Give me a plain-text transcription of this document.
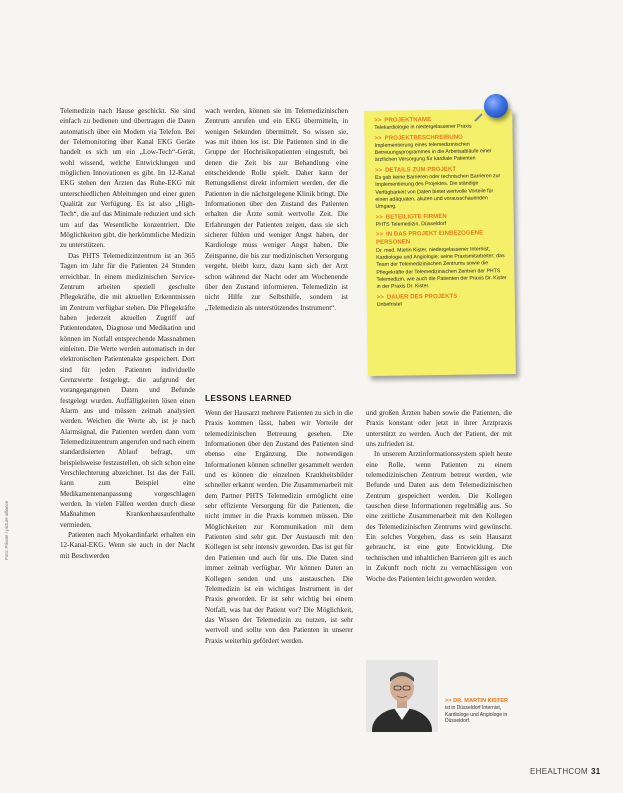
Foto: Private / picture alliance

Telemedizin nach Hause geschickt. Sie sind einfach zu bedienen und übertragen die Daten automatisch über ein Modem via Telefon. Bei der Telemonitoring über Kanal EKG Geräte handelt es sich um ein „Low-Tech“-Gerät, wohl wissend, welche Entwicklungen und möglichen Innovationen es gibt. Im 12-Kanal EKG stehen den Ärzten das Ruhe-EKG mit unterschiedlichen Ableitungen und einer guten Qualität zur Verfügung. Es ist also „High-Tech“, die auf das Minimale reduziert und sich um auf das Wesentliche konzentriert. Die Möglichkeiten gibt, die herkömmliche Medizin zu unterstützen.

Das PHTS Telemedizinzentrum ist an 365 Tagen im Jahr für die Patienten 24 Stunden erreichbar. In einem medizinischen Service-Zentrum arbeiten speziell geschulte Pflegekräfte, die mit aktuellen Erkenntnissen im Zentrum verfügbar stehen. Die Pflegekräfte haben jederzeit aktuellen Zugriff auf Patientendaten, Diagnose und Medikation und können im Notfall entsprechende Massnahmen einleiten. Die Werte werden automatisch in der elektronischen Patientenakte gespeichert. Dort sind für jeden Patienten individuelle Grenzwerte festgelegt, die aufgrund der vorangegangenen Daten und Befunde festgelegt wurden. Auffälligkeiten lösen einen Alarm aus und müssen zeitnah analysiert werden. Weichen die Werte ab, ist je nach Alarmsignal, die Patienten werden dann vom Telemedizinzentrum angerufen und nach einem standardisierten Ablauf befragt, um beispielsweise festzustellen, ob sich schon eine Verschlechterung abzeichnet. Ist das der Fall, kann zum Beispiel eine Medikamentenanpassung vorgeschlagen werden. In vielen Fällen werden durch diese Maßnahmen Krankenhausaufenthalte vermieden.

Patienten nach Myokardinfarkt erhalten ein 12-Kanal-EKG. Wenn sie auch in der Nacht mit Beschwerden

wach werden, können sie im Telemedizinischen Zentrum anrufen und ein EKG übermitteln, in wenigen Sekunden übermittelt. So wissen sie, was mit ihnen los ist. Die Patienten sind in die Gruppe der Hochrisikopatienten eingestuft, bei denen die Zeit bis zur Behandlung eine entscheidende Rolle spielt. Daher kann der Rettungsdienst direkt informiert werden, der die Patienten in die nächstgelegene Klinik bringt. Die Informationen über den Zustand des Patienten erhalten die Ärzte somit wertvolle Zeit. Die Erfahrungen der Patienten zeigen, dass sie sich sicherer fühlen und weniger Angst haben, der Kardiologe muss weniger Angst haben. Die Zeitspanne, die bis zur medizinischen Versorgung vergeht, bleibt kurz, dazu kann sich der Arzt schon während der Nacht oder am Wochenende über den Zustand informieren. Telemedizin ist nicht Hilfe zur Selbsthilfe, sondern ist „Telemedizin als unterstützendes Instrument“.

LESSONS LEARNED

Wenn der Hausarzt mehrere Patienten zu sich in die Praxis kommen lässt, haben wir Vorteile der telemedizinischen Betreuung gesehen. Die Informationen über den Zustand des Patienten sind ebenso eine Ergänzung. Die notwendigen Informationen können schneller gesammelt werden und es können die einzelnen Krankheitsbilder schneller erkannt werden. Die Zusammenarbeit mit dem Partner PHTS Telemedizin ermöglicht eine sehr effiziente Versorgung für die Patienten, die nicht immer in die Praxis kommen müssen. Die Möglichkeiten zur Kommunikation mit dem Patienten sind sehr gut. Der Austausch mit den Kollegen ist sehr intensiv geworden. Das ist gut für den Patienten und auch für uns. Die Daten sind immer zeitnah verfügbar. Wir können Daten an Kollegen senden und uns austauschen. Die Telemedizin ist ein wichtiges Instrument in der Praxis geworden. Er ist sehr wichtig bei einem Notfall, was hat der Patient vor? Die Möglichkeit, das Wissen der Telemedizin zu nutzen, ist sehr wertvoll und sollte von den Patienten in unserer Praxis weiterhin gefördert werden.

und großen Ärzten haben sowie die Patienten, die Praxis konstant oder jetzt in ihrer Arztpraxis unterstützt zu werden. Auch der Patient, der mit uns zufrieden ist.

In unserem Arztinformationssystem spielt heute eine Rolle, wenn Patienten zu einem telemedizinischen Zentrum betreut werden, wie Befunde und Daten aus dem Telemedizinischen Zentrum gespeichert werden. Die Kollegen tauschen diese Informationen regelmäßig aus. So eine zeitliche Zusammenarbeit mit den Kollegen des Telemedizinischen Zentrums wird gewünscht. Ein solches Vorgehen, dass es sein Hausarzt gebraucht, ist eine gute Entwicklung. Die technischen und inhaltlichen Barrieren gilt es auch in Zukunft noch nicht zu vernachlässigen von Woche des Patienten leicht geworden werden.

>> PROJEKTNAME
Telekardiologie in niedergelassener Praxis
>> PROJEKTBESCHREIBUNG
Implementierung eines telemedizinischen Betreuungsprogrammes in die Arbeitsabläufe einer ärztlichen Versorgung für kardiale Patienten
>> DETAILS ZUM PROJEKT
Es gab keine Barrieren oder technischen Barrieren zur Implementierung des Projektes. Die ständige Verfügbarkeit von Daten bietet wertvolle Vorteile für einen adäquaten, akuten und vorausschauenden Umgang.
>> BETEILIGTE FIRMEN
PHTS Telemedizin, Düsseldorf
>> IN DAS PROJEKT EINBEZOGENE PERSONEN
Dr. med. Martin Kister, niedergelassener Internist, Kardiologie und Angiologie; seine Praxismitarbeiter; das Team der Telemedizinischen Zentrums sowie die Pflegekräfte der Telemedizinischen Zentren der PHTS Telemedizin, wie auch die Patienten der Praxis Dr. Kister in der Praxis Dr. Kister.
>> DAUER DES PROJEKTS
Unbefristet
>> DR. MARTIN KISTER
ist in Düsseldorf Internist, Kardiologe und Angiologe in Düsseldorf.
EHEALTHCOM 31
